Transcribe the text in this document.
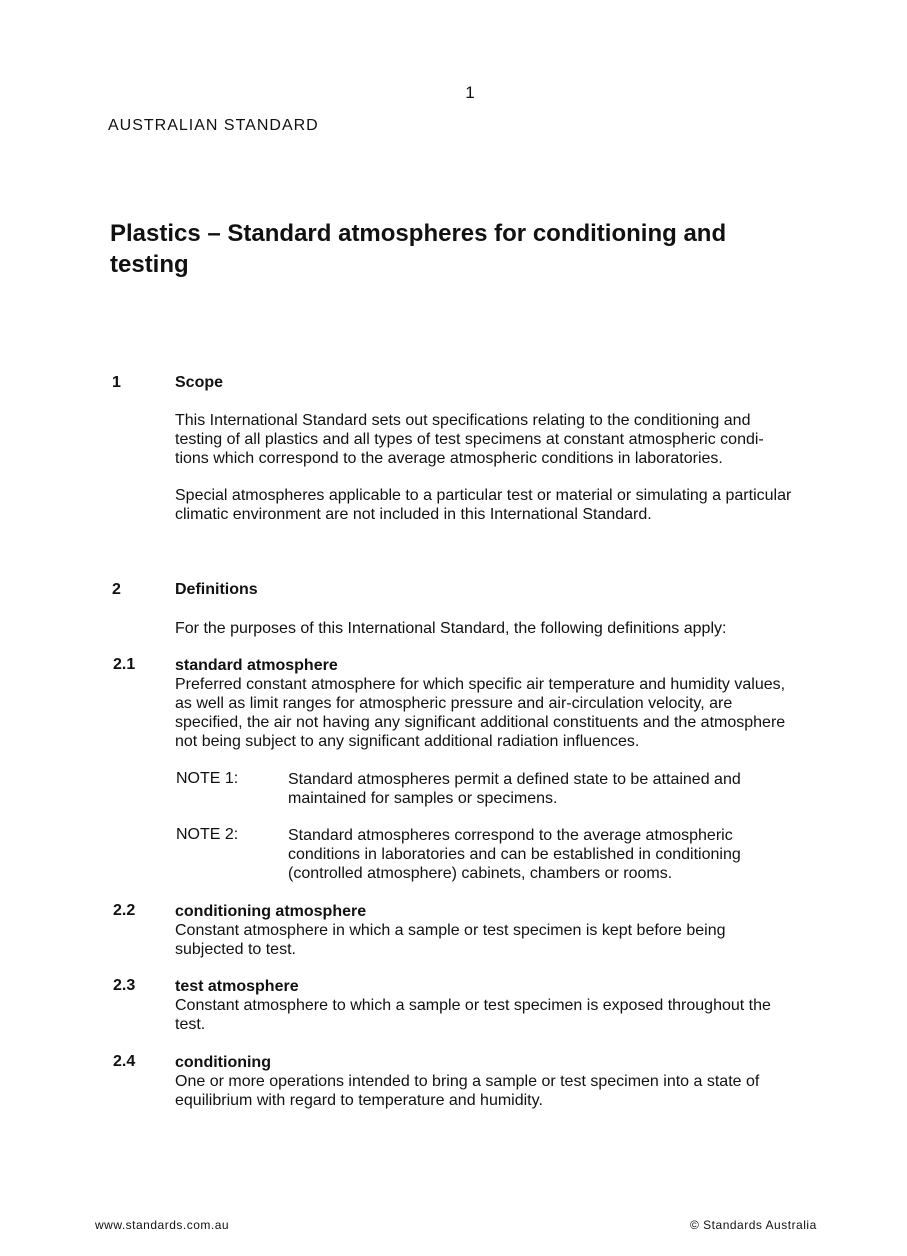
1
AUSTRALIAN STANDARD
Plastics – Standard atmospheres for conditioning and testing
1	Scope
This International Standard sets out specifications relating to the conditioning and testing of all plastics and all types of test specimens at constant atmospheric condi-tions which correspond to the average atmospheric conditions in laboratories.
Special atmospheres applicable to a particular test or material or simulating a particular climatic environment are not included in this International Standard.
2	Definitions
For the purposes of this International Standard, the following definitions apply:
2.1 standard atmosphere
Preferred constant atmosphere for which specific air temperature and humidity values, as well as limit ranges for atmospheric pressure and air-circulation velocity, are specified, the air not having any significant additional constituents and the atmosphere not being subject to any significant additional radiation influences.
NOTE 1:	Standard atmospheres permit a defined state to be attained and maintained for samples or specimens.
NOTE 2:	Standard atmospheres correspond to the average atmospheric conditions in laboratories and can be established in conditioning (controlled atmosphere) cabinets, chambers or rooms.
2.2 conditioning atmosphere
Constant atmosphere in which a sample or test specimen is kept before being subjected to test.
2.3 test atmosphere
Constant atmosphere to which a sample or test specimen is exposed throughout the test.
2.4 conditioning
One or more operations intended to bring a sample or test specimen into a state of equilibrium with regard to temperature and humidity.
www.standards.com.au	© Standards Australia
